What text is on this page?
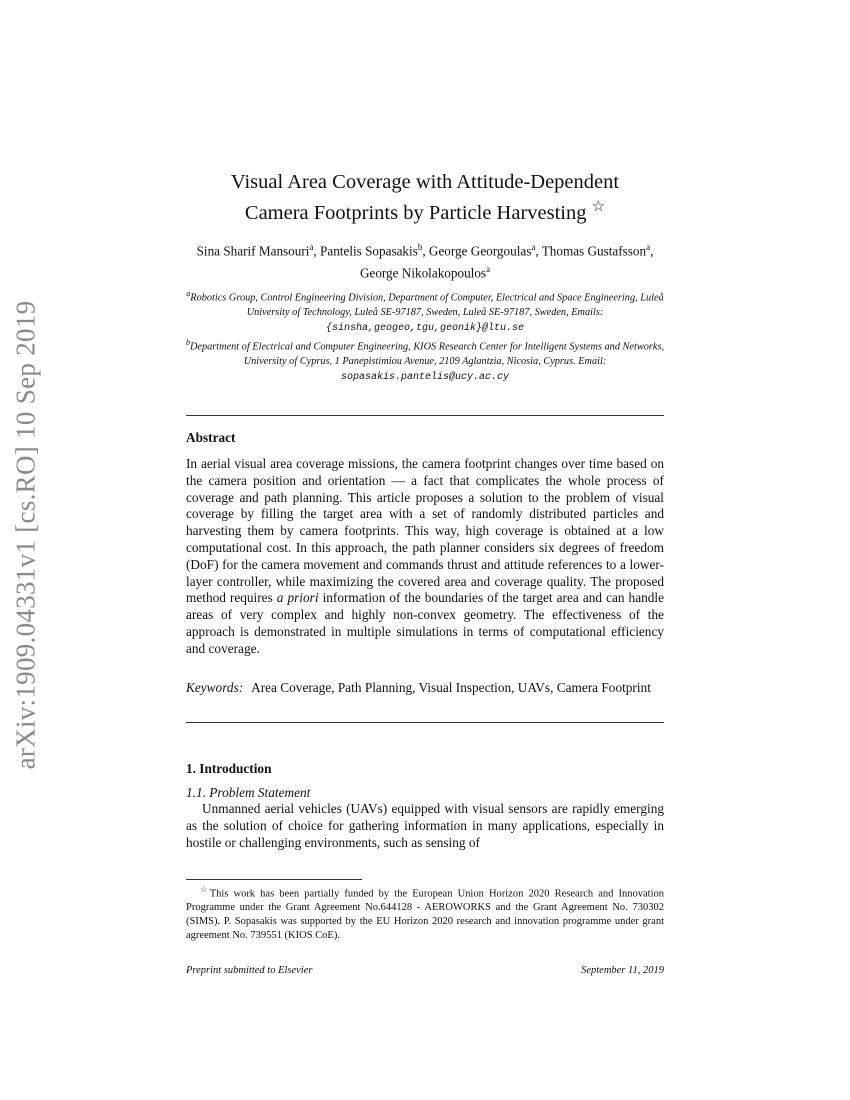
arXiv:1909.04331v1 [cs.RO] 10 Sep 2019
Visual Area Coverage with Attitude-Dependent
Camera Footprints by Particle Harvesting ☆
Sina Sharif Mansouri$^a$, Pantelis Sopasakis$^b$, George Georgoulas$^a$, Thomas Gustafsson$^a$, George Nikolakopoulos$^a$
$^a$Robotics Group, Control Engineering Division, Department of Computer, Electrical and Space Engineering, Luleå University of Technology, Luleå SE-97187, Sweden, Luleå SE-97187, Sweden, Emails: {sinsha,geogeo,tgu,geonik}@ltu.se
$^b$Department of Electrical and Computer Engineering, KIOS Research Center for Intelligent Systems and Networks, University of Cyprus, 1 Panepistimiou Avenue, 2109 Aglantzia, Nicosia, Cyprus. Email: sopasakis.pantelis@ucy.ac.cy
Abstract
In aerial visual area coverage missions, the camera footprint changes over time based on the camera position and orientation — a fact that complicates the whole process of coverage and path planning. This article proposes a solution to the problem of visual coverage by filling the target area with a set of randomly distributed particles and harvesting them by camera footprints. This way, high coverage is obtained at a low computational cost. In this approach, the path planner considers six degrees of freedom (DoF) for the camera movement and commands thrust and attitude references to a lower-layer controller, while maximizing the covered area and coverage quality. The proposed method requires a priori information of the boundaries of the target area and can handle areas of very complex and highly non-convex geometry. The effectiveness of the approach is demonstrated in multiple simulations in terms of computational efficiency and coverage.
Keywords: Area Coverage, Path Planning, Visual Inspection, UAVs, Camera Footprint
1. Introduction
1.1. Problem Statement
Unmanned aerial vehicles (UAVs) equipped with visual sensors are rapidly emerging as the solution of choice for gathering information in many applications, especially in hostile or challenging environments, such as sensing of
☆This work has been partially funded by the European Union Horizon 2020 Research and Innovation Programme under the Grant Agreement No.644128 - AEROWORKS and the Grant Agreement No. 730302 (SIMS). P. Sopasakis was supported by the EU Horizon 2020 research and innovation programme under grant agreement No. 739551 (KIOS CoE).
Preprint submitted to Elsevier	September 11, 2019
